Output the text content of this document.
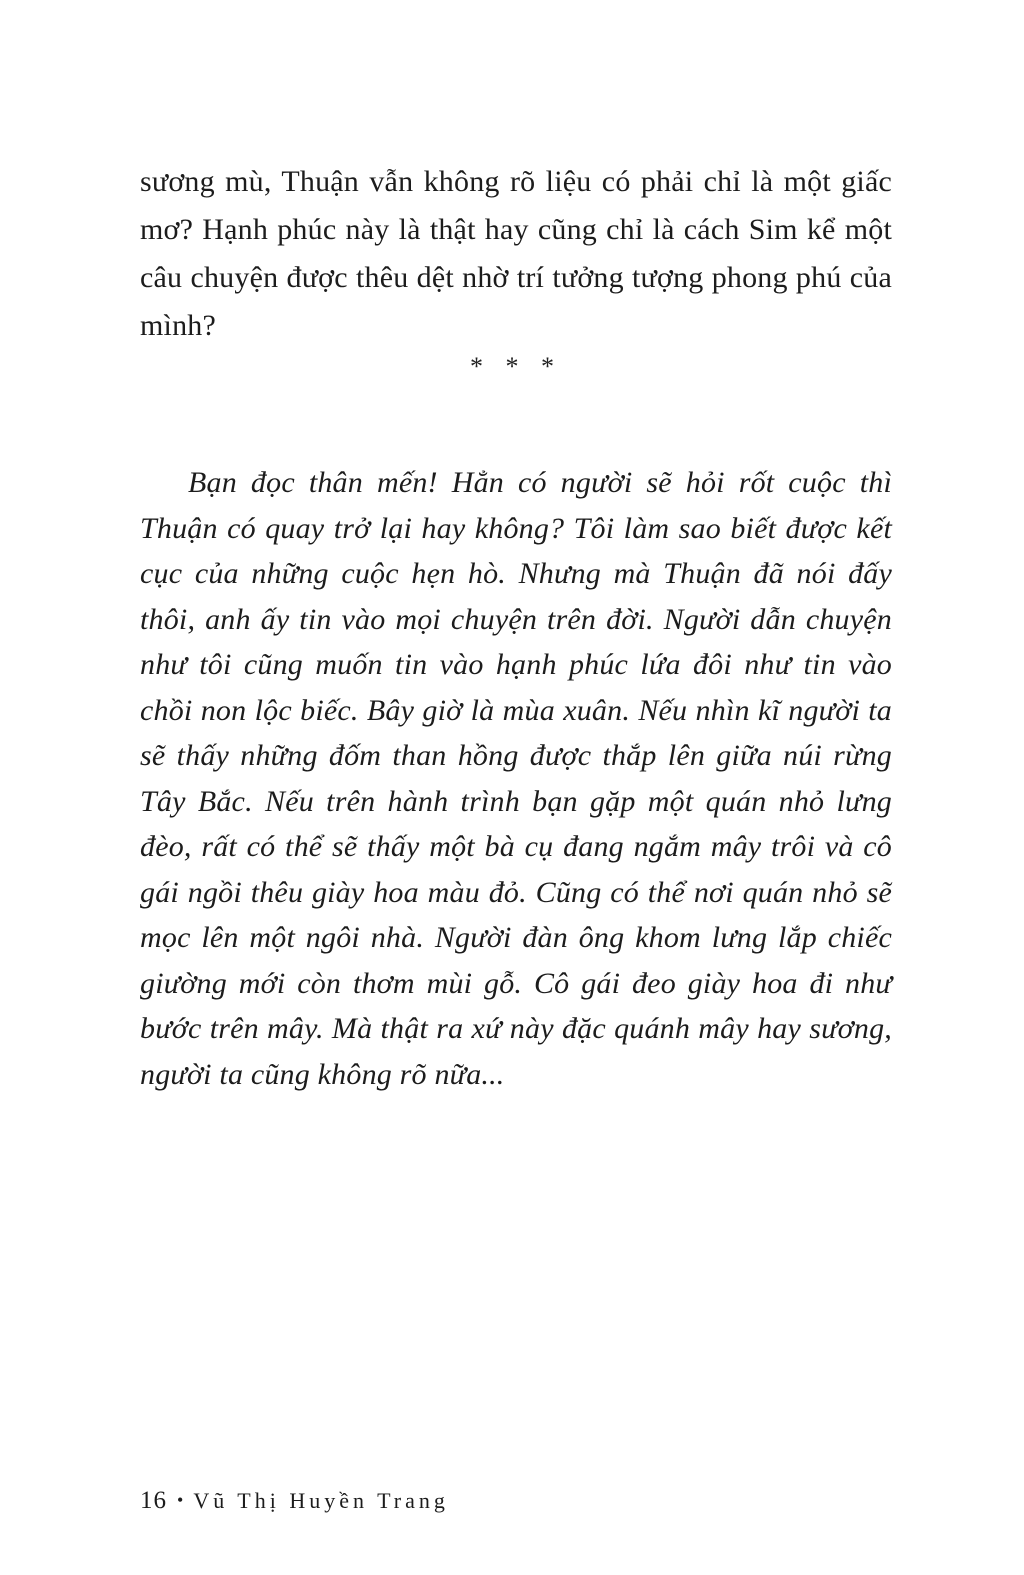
sương mù, Thuận vẫn không rõ liệu có phải chỉ là một giấc mơ? Hạnh phúc này là thật hay cũng chỉ là cách Sim kể một câu chuyện được thêu dệt nhờ trí tưởng tượng phong phú của mình?

* * *

Bạn đọc thân mến! Hẳn có người sẽ hỏi rốt cuộc thì Thuận có quay trở lại hay không? Tôi làm sao biết được kết cục của những cuộc hẹn hò. Nhưng mà Thuận đã nói đấy thôi, anh ấy tin vào mọi chuyện trên đời. Người dẫn chuyện như tôi cũng muốn tin vào hạnh phúc lứa đôi như tin vào chồi non lộc biếc. Bây giờ là mùa xuân. Nếu nhìn kĩ người ta sẽ thấy những đốm than hồng được thắp lên giữa núi rừng Tây Bắc. Nếu trên hành trình bạn gặp một quán nhỏ lưng đèo, rất có thể sẽ thấy một bà cụ đang ngắm mây trôi và cô gái ngồi thêu giày hoa màu đỏ. Cũng có thể nơi quán nhỏ sẽ mọc lên một ngôi nhà. Người đàn ông khom lưng lắp chiếc giường mới còn thơm mùi gỗ. Cô gái đeo giày hoa đi như bước trên mây. Mà thật ra xứ này đặc quánh mây hay sương, người ta cũng không rõ nữa...

16 • Vũ Thị Huyền Trang
